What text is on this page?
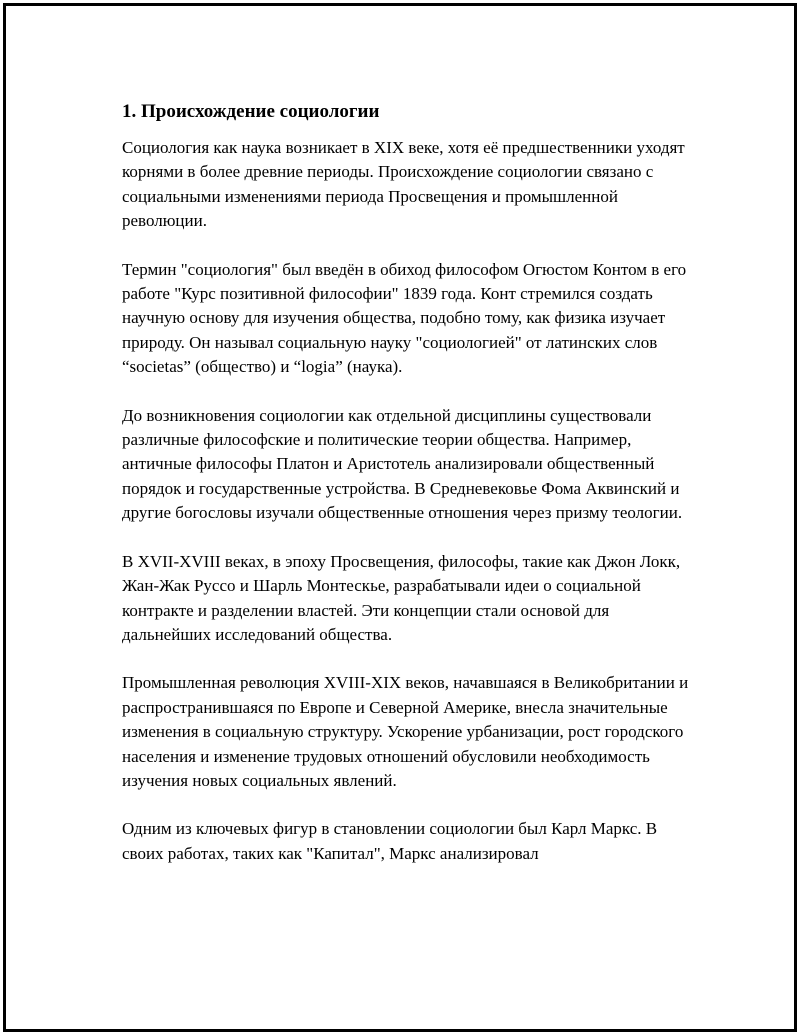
1. Происхождение социологии

Социология как наука возникает в XIX веке, хотя её предшественники уходят корнями в более древние периоды. Происхождение социологии связано с социальными изменениями периода Просвещения и промышленной революции.

Термин "социология" был введён в обиход философом Огюстом Контом в его работе "Курс позитивной философии" 1839 года. Конт стремился создать научную основу для изучения общества, подобно тому, как физика изучает природу. Он называл социальную науку "социологией" от латинских слов “societas” (общество) и “logia” (наука).

До возникновения социологии как отдельной дисциплины существовали различные философские и политические теории общества. Например, античные философы Платон и Аристотель анализировали общественный порядок и государственные устройства. В Средневековье Фома Аквинский и другие богословы изучали общественные отношения через призму теологии.

В XVII-XVIII веках, в эпоху Просвещения, философы, такие как Джон Локк, Жан-Жак Руссо и Шарль Монтескье, разрабатывали идеи о социальной контракте и разделении властей. Эти концепции стали основой для дальнейших исследований общества.

Промышленная революция XVIII-XIX веков, начавшаяся в Великобритании и распространившаяся по Европе и Северной Америке, внесла значительные изменения в социальную структуру. Ускорение урбанизации, рост городского населения и изменение трудовых отношений обусловили необходимость изучения новых социальных явлений.

Одним из ключевых фигур в становлении социологии был Карл Маркс. В своих работах, таких как "Капитал", Маркс анализировал
